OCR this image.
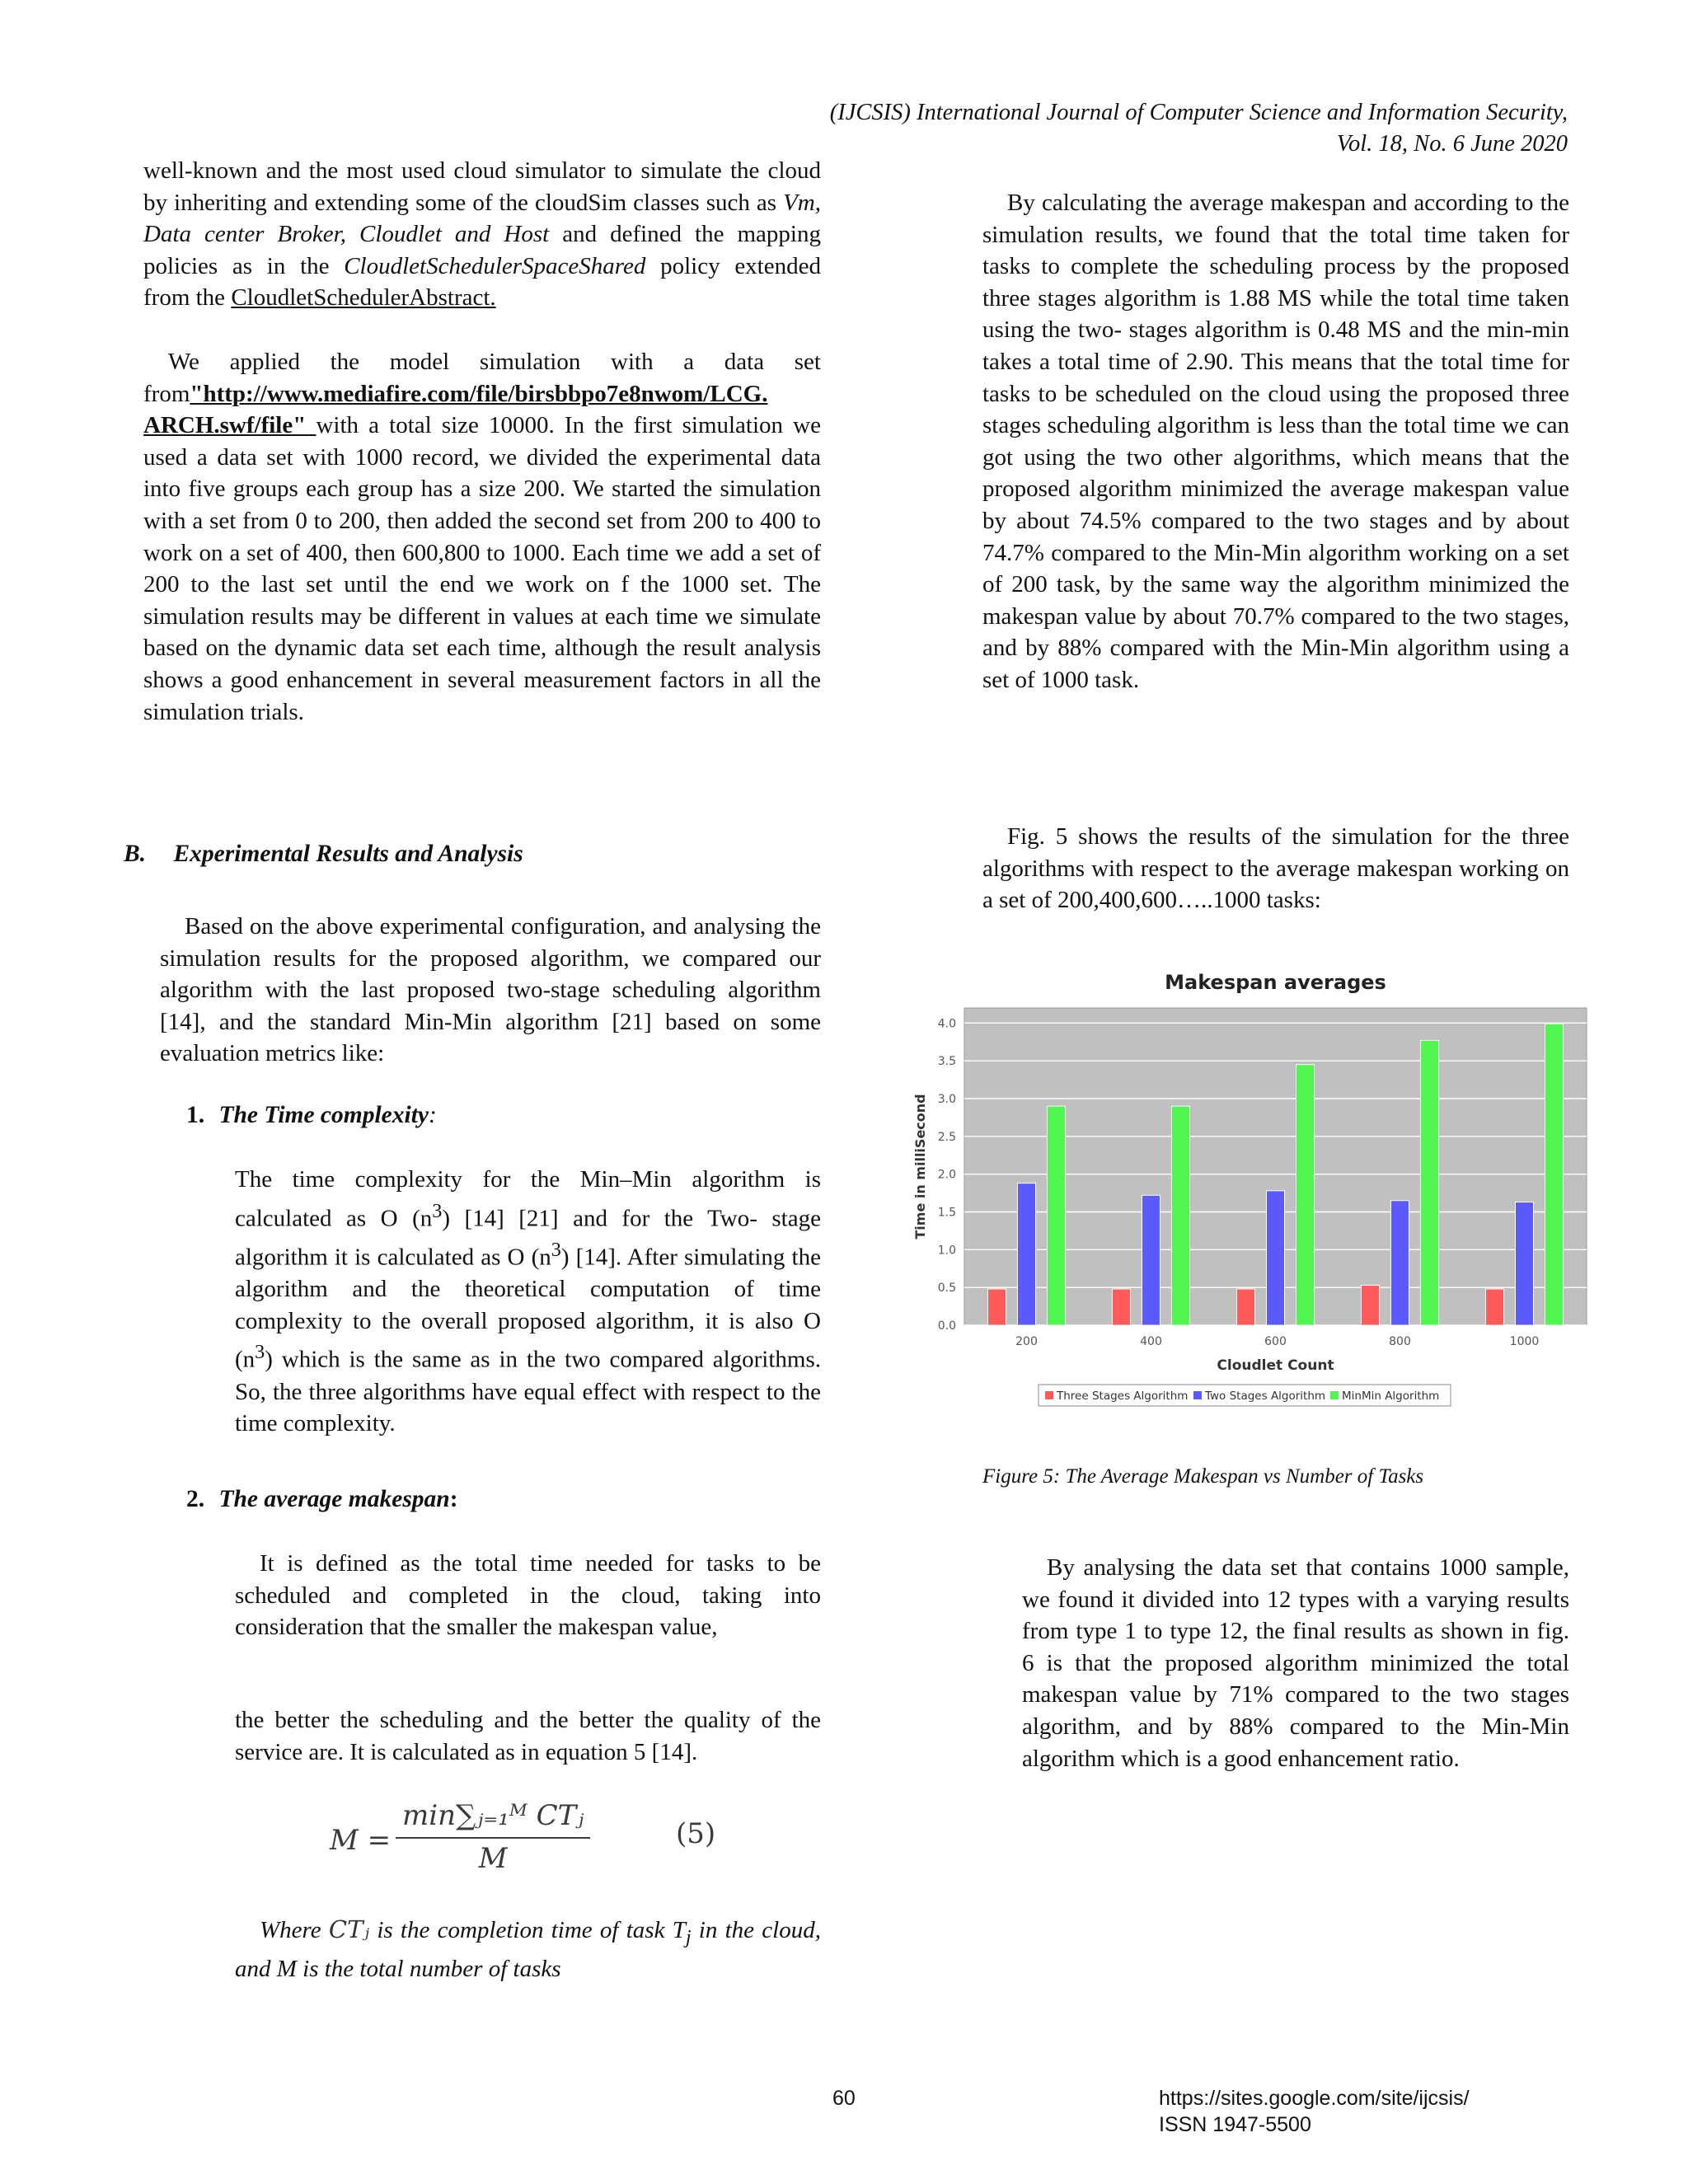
(IJCSIS) International Journal of Computer Science and Information Security,
Vol. 18, No. 6 June 2020

well-known and the most used cloud simulator to simulate the cloud by inheriting and extending some of the cloudSim classes such as Vm, Data center Broker, Cloudlet and Host and defined the mapping policies as in the CloudletSchedulerSpaceShared policy extended from the CloudletSchedulerAbstract.

We applied the model simulation with a data set from"http://www.mediafire.com/file/birsbbpo7e8nwom/LCG. ARCH.swf/file" with a total size 10000. In the first simulation we used a data set with 1000 record, we divided the experimental data into five groups each group has a size 200. We started the simulation with a set from 0 to 200, then added the second set from 200 to 400 to work on a set of 400, then 600,800 to 1000. Each time we add a set of 200 to the last set until the end we work on f the 1000 set. The simulation results may be different in values at each time we simulate based on the dynamic data set each time, although the result analysis shows a good enhancement in several measurement factors in all the simulation trials.

B. Experimental Results and Analysis

Based on the above experimental configuration, and analysing the simulation results for the proposed algorithm, we compared our algorithm with the last proposed two-stage scheduling algorithm [14], and the standard Min-Min algorithm [21] based on some evaluation metrics like:

1. The Time complexity:

The time complexity for the Min–Min algorithm is calculated as O $(n^3)$ [14] [21] and for the Two- stage algorithm it is calculated as O $(n^3)$ [14]. After simulating the algorithm and the theoretical computation of time complexity to the overall proposed algorithm, it is also O $(n^3)$ which is the same as in the two compared algorithms. So, the three algorithms have equal effect with respect to the time complexity.

2. The average makespan:

It is defined as the total time needed for tasks to be scheduled and completed in the cloud, taking into consideration that the smaller the makespan value,

the better the scheduling and the better the quality of the service are. It is calculated as in equation 5 [14].

M =
min∑ⱼ₌₁ᴹ CTⱼ
M
(5)

Where CTⱼ is the completion time of task $T_j$ in the cloud, and M is the total number of tasks

By calculating the average makespan and according to the simulation results, we found that the total time taken for tasks to complete the scheduling process by the proposed three stages algorithm is 1.88 MS while the total time taken using the two- stages algorithm is 0.48 MS and the min-min takes a total time of 2.90. This means that the total time for tasks to be scheduled on the cloud using the proposed three stages scheduling algorithm is less than the total time we can got using the two other algorithms, which means that the proposed algorithm minimized the average makespan value by about 74.5% compared to the two stages and by about 74.7% compared to the Min-Min algorithm working on a set of 200 task, by the same way the algorithm minimized the makespan value by about 70.7% compared to the two stages, and by 88% compared with the Min-Min algorithm using a set of 1000 task.

Fig. 5 shows the results of the simulation for the three algorithms with respect to the average makespan working on a set of 200,400,600…..1000 tasks:

Makespan averages
0.0
0.5
1.0
1.5
2.0
2.5
3.0
3.5
4.0
Time in milliSecond
200	400	600	800	1000
Cloudlet Count
Three Stages Algorithm Two Stages Algorithm MinMin Algorithm
Figure 5: The Average Makespan vs Number of Tasks

By analysing the data set that contains 1000 sample, we found it divided into 12 types with a varying results from type 1 to type 12, the final results as shown in fig. 6 is that the proposed algorithm minimized the total makespan value by 71% compared to the two stages algorithm, and by 88% compared to the Min-Min algorithm which is a good enhancement ratio.

60	https://sites.google.com/site/ijcsis/
ISSN 1947-5500
